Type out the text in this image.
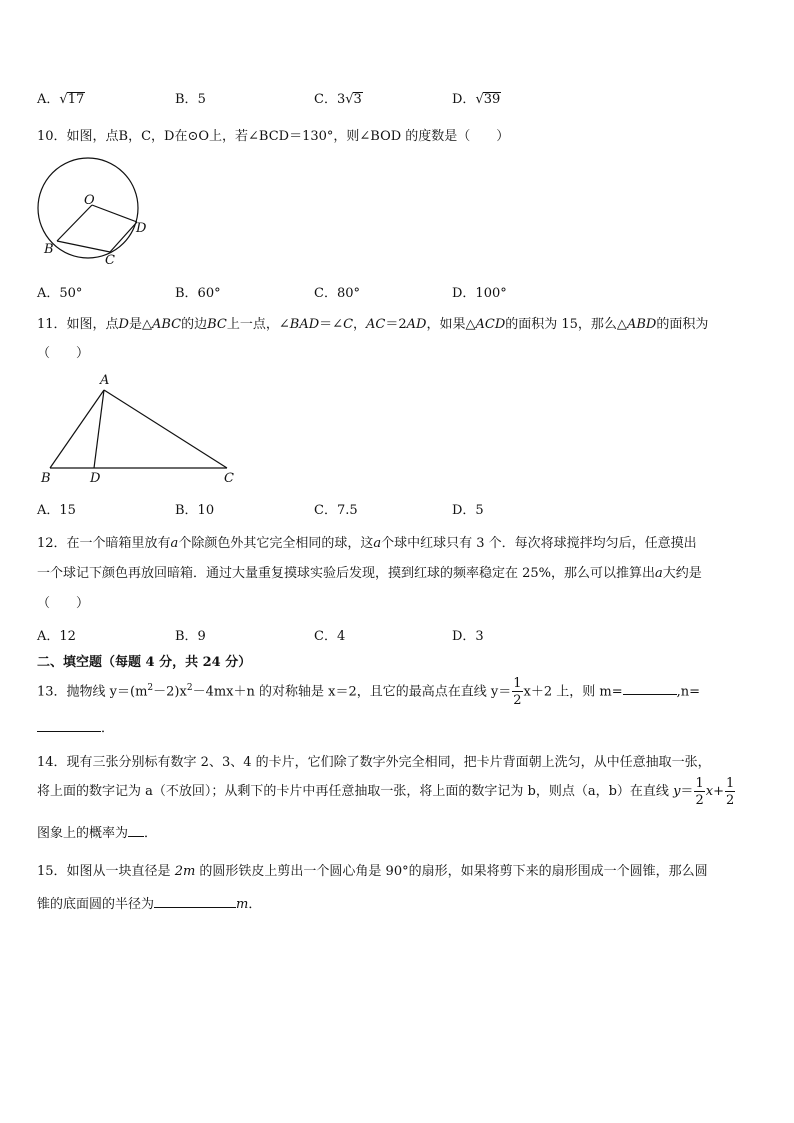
A．√17	B．5	C．3√3	D．√39
10．如图，点B，C，D在⊙O上，若∠BCD＝130°，则∠BOD 的度数是（　　）
O
D
B
C
A．50°	B．60°	C．80°	D．100°
11．如图，点D是△ABC的边BC上一点，∠BAD＝∠C，AC＝2AD，如果△ACD的面积为 15，那么△ABD的面积为
（　　）
A
B	D	C
A．15	B．10	C．7.5	D．5
12．在一个暗箱里放有a个除颜色外其它完全相同的球，这a个球中红球只有 3 个．每次将球搅拌均匀后，任意摸出
一个球记下颜色再放回暗箱．通过大量重复摸球实验后发现，摸到红球的频率稳定在 25%，那么可以推算出a大约是
（　　）
A．12	B．9	C．4	D．3
二、填空题（每题 4 分，共 24 分）
13．抛物线 $y=(m^2-2)x^2-4mx+n$ 的对称轴是 x＝2，且它的最高点在直线 $y= \frac{1}{2} x+2$ 上，则 m=	,n=
．
14．现有三张分别标有数字 2、3、4 的卡片，它们除了数字外完全相同，把卡片背面朝上洗匀，从中任意抽取一张，
将上面的数字记为 a（不放回）；从剩下的卡片中再任意抽取一张，将上面的数字记为 b，则点（a，b）在直线 $y= \frac{1}{2} x+ \frac{1}{2}$
图象上的概率为 ．
15．如图从一块直径是 2m 的圆形铁皮上剪出一个圆心角是 90°的扇形，如果将剪下来的扇形围成一个圆锥，那么圆
锥的底面圆的半径为	m．
